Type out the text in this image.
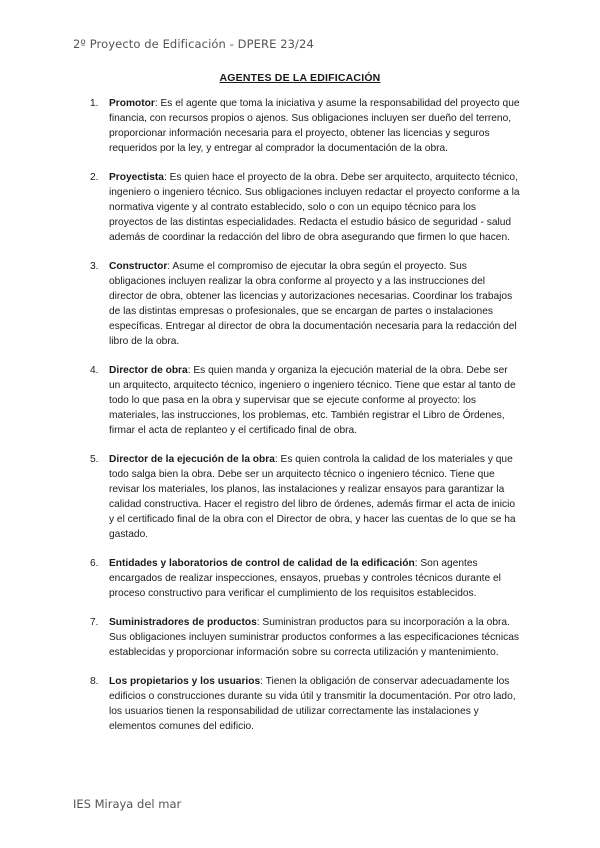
2º Proyecto de Edificación - DPERE 23/24
AGENTES DE LA EDIFICACIÓN
1. Promotor: Es el agente que toma la iniciativa y asume la responsabilidad del proyecto que financia, con recursos propios o ajenos. Sus obligaciones incluyen ser dueño del terreno, proporcionar información necesaria para el proyecto, obtener las licencias y seguros requeridos por la ley, y entregar al comprador la documentación de la obra.
2. Proyectista: Es quien hace el proyecto de la obra. Debe ser arquitecto, arquitecto técnico, ingeniero o ingeniero técnico. Sus obligaciones incluyen redactar el proyecto conforme a la normativa vigente y al contrato establecido, solo o con un equipo técnico para los proyectos de las distintas especialidades. Redacta el estudio básico de seguridad - salud además de coordinar la redacción del libro de obra asegurando que firmen lo que hacen.
3. Constructor: Asume el compromiso de ejecutar la obra según el proyecto. Sus obligaciones incluyen realizar la obra conforme al proyecto y a las instrucciones del director de obra, obtener las licencias y autorizaciones necesarias. Coordinar los trabajos de las distintas empresas o profesionales, que se encargan de partes o instalaciones específicas. Entregar al director de obra la documentación necesaria para la redacción del libro de la obra.
4. Director de obra: Es quien manda y organiza la ejecución material de la obra. Debe ser un arquitecto, arquitecto técnico, ingeniero o ingeniero técnico. Tiene que estar al tanto de todo lo que pasa en la obra y supervisar que se ejecute conforme al proyecto: los materiales, las instrucciones, los problemas, etc. También registrar el Libro de Órdenes, firmar el acta de replanteo y el certificado final de obra.
5. Director de la ejecución de la obra: Es quien controla la calidad de los materiales y que todo salga bien la obra. Debe ser un arquitecto técnico o ingeniero técnico. Tiene que revisar los materiales, los planos, las instalaciones y realizar ensayos para garantizar la calidad constructiva. Hacer el registro del libro de órdenes, además firmar el acta de inicio y el certificado final de la obra con el Director de obra, y hacer las cuentas de lo que se ha gastado.
6. Entidades y laboratorios de control de calidad de la edificación: Son agentes encargados de realizar inspecciones, ensayos, pruebas y controles técnicos durante el proceso constructivo para verificar el cumplimiento de los requisitos establecidos.
7. Suministradores de productos: Suministran productos para su incorporación a la obra. Sus obligaciones incluyen suministrar productos conformes a las especificaciones técnicas establecidas y proporcionar información sobre su correcta utilización y mantenimiento.
8. Los propietarios y los usuarios: Tienen la obligación de conservar adecuadamente los edificios o construcciones durante su vida útil y transmitir la documentación. Por otro lado, los usuarios tienen la responsabilidad de utilizar correctamente las instalaciones y elementos comunes del edificio.
IES Miraya del mar
